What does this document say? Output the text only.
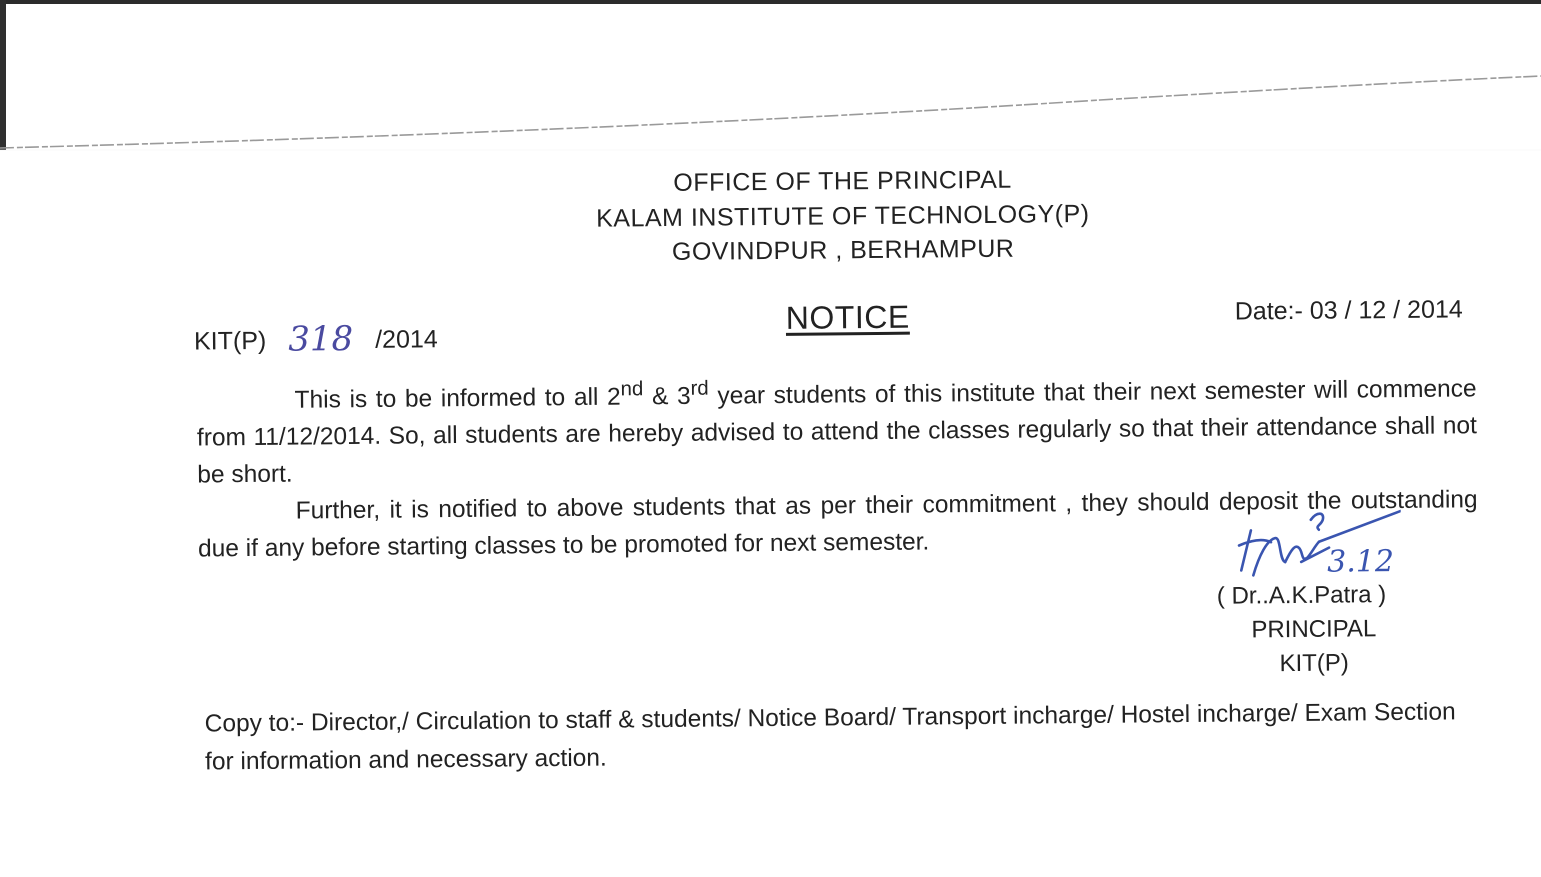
OFFICE OF THE PRINCIPAL
KALAM INSTITUTE OF TECHNOLOGY(P)
GOVINDPUR , BERHAMPUR
KIT(P) 318 /2014
NOTICE	Date:- 03 / 12 / 2014

This is to be informed to all 2nd & 3rd year students of this institute that their next semester will commence from 11/12/2014. So, all students are hereby advised to attend the classes regularly so that their attendance shall not be short.

Further, it is notified to above students that as per their commitment , they should deposit the outstanding due if any before starting classes to be promoted for next semester.	3.12
( Dr..A.K.Patra )
PRINCIPAL
KIT(P)
Copy to:- Director,/ Circulation to staff & students/ Notice Board/ Transport incharge/ Hostel incharge/ Exam Section for information and necessary action.
